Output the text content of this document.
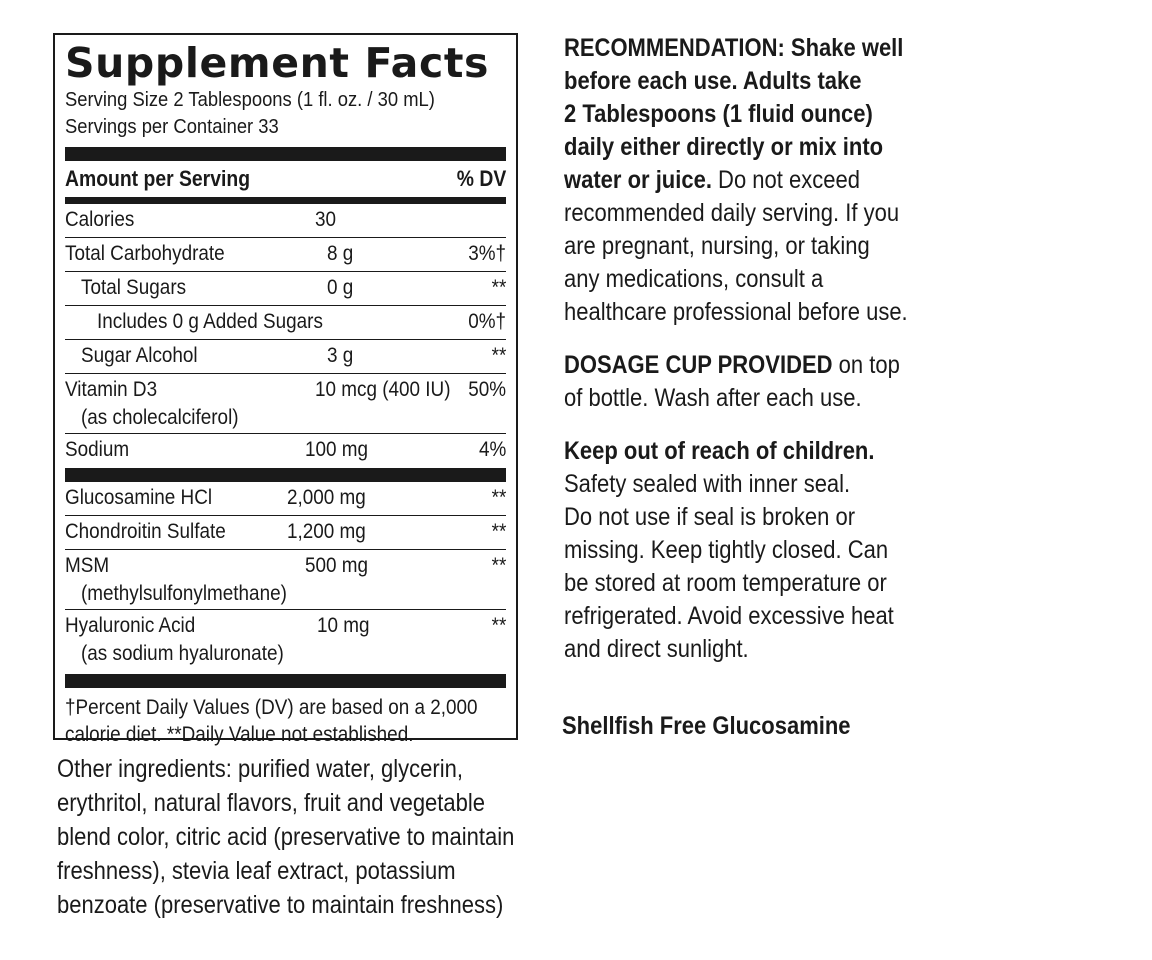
Supplement Facts
Serving Size 2 Tablespoons (1 fl. oz. / 30 mL)
Servings per Container 33
Amount per Serving	% DV
Calories	30
Total Carbohydrate	8 g	3%†
Total Sugars	0 g	**
Includes 0 g Added Sugars	0%†
Sugar Alcohol	3 g	**
Vitamin D3
(as cholecalciferol)
10 mcg (400 IU) 50%
Sodium	100 mg	4%
Glucosamine HCl	2,000 mg	**
Chondroitin Sulfate	1,200 mg	**
MSM
(methylsulfonylmethane)
500 mg	**
Hyaluronic Acid
(as sodium hyaluronate)
10 mg	**
†Percent Daily Values (DV) are based on a 2,000
calorie diet. **Daily Value not established.
Other ingredients: purified water, glycerin,
erythritol, natural flavors, fruit and vegetable
blend color, citric acid (preservative to maintain
freshness), stevia leaf extract, potassium
benzoate (preservative to maintain freshness)
RECOMMENDATION: Shake well
before each use. Adults take
2 Tablespoons (1 fluid ounce)
daily either directly or mix into
water or juice. Do not exceed
recommended daily serving. If you
are pregnant, nursing, or taking
any medications, consult a
healthcare professional before use.
DOSAGE CUP PROVIDED on top
of bottle. Wash after each use.
Keep out of reach of children.
Safety sealed with inner seal.
Do not use if seal is broken or
missing. Keep tightly closed. Can
be stored at room temperature or
refrigerated. Avoid excessive heat
and direct sunlight.
Shellfish Free Glucosamine
